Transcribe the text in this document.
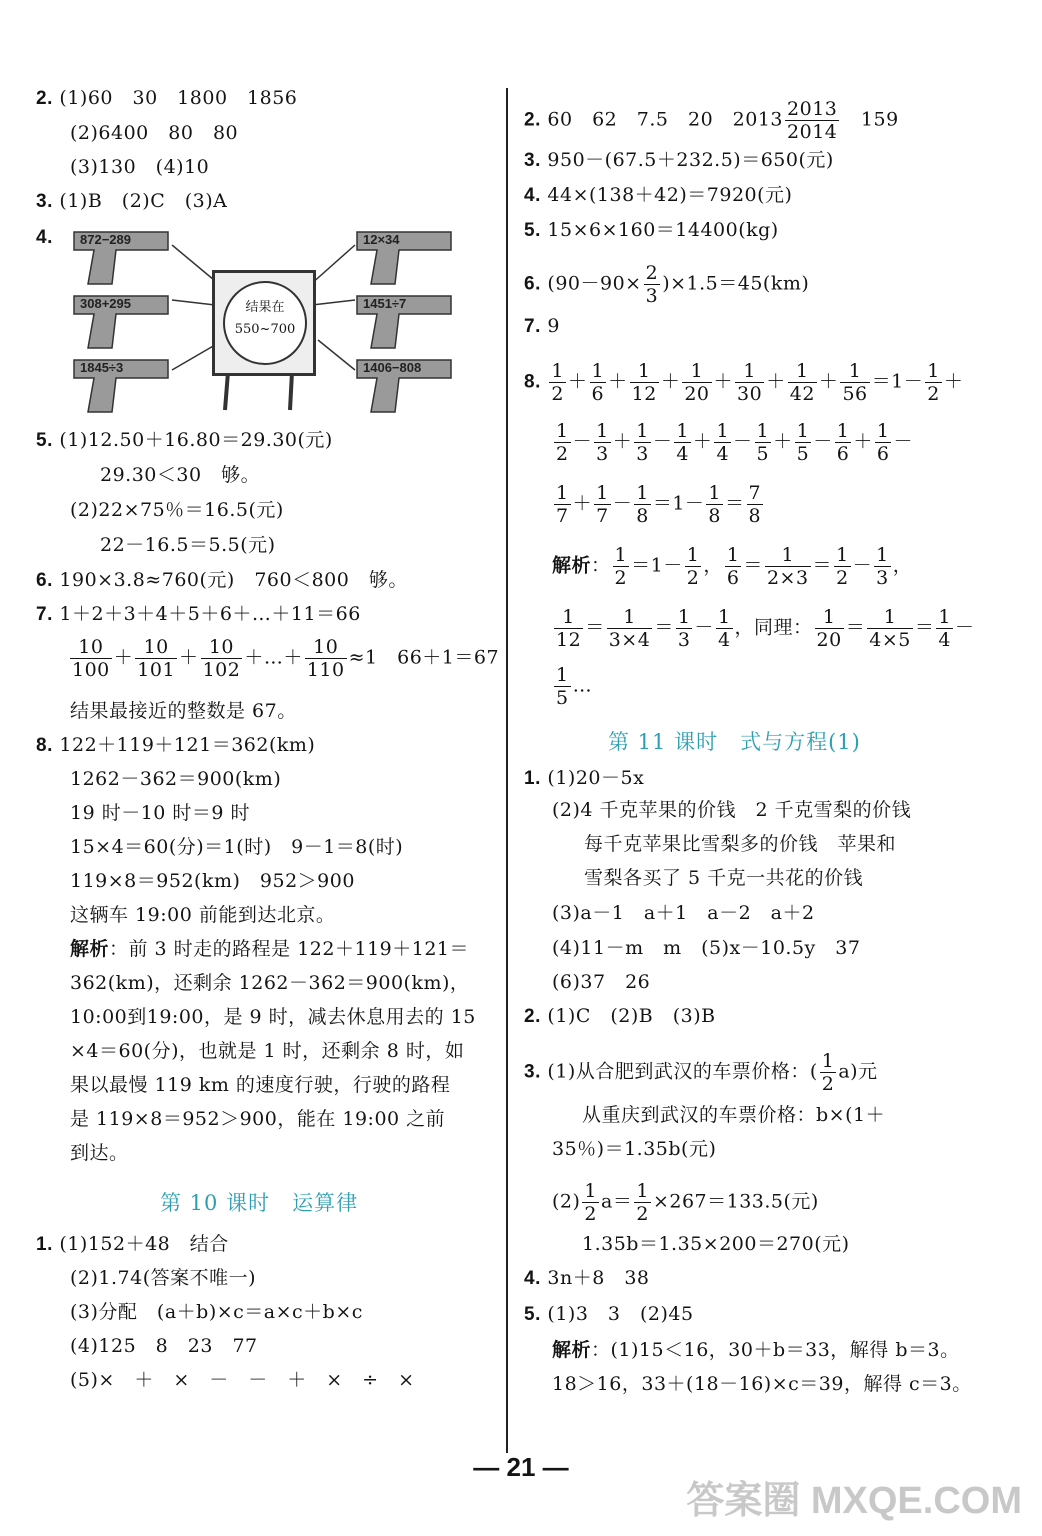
2. (1)60　30　1800　1856
(2)6400　80　80
(3)130　(4)10
3. (1)B　(2)C　(3)A
4. 872−289
308+295
1845÷3
12×34
1451÷7
1406−808
结果在
550~700
5. (1)12.50＋16.80＝29.30(元)
29.30＜30　够。
(2)22×75％＝16.5(元)
22－16.5＝5.5(元)
6. 190×3.8≈760(元)　760＜800　够。
7. 1＋2＋3＋4＋5＋6＋…＋11＝66
$\frac{10}{100} + \frac{10}{101} + \frac{10}{102}$ ＋…＋ $\frac{10}{110} \approx 1$　66＋1＝67
结果最接近的整数是 67。
8. 122＋119＋121＝362(km)
1262－362＝900(km)
19 时－10 时＝9 时
15×4＝60(分)＝1(时)　9－1＝8(时)
119×8＝952(km)　952＞900
这辆车 19:00 前能到达北京。
解析：前 3 时走的路程是 122＋119＋121＝
362(km)，还剩余 1262－362＝900(km)，
10:00到19:00，是 9 时，减去休息用去的 15
×4＝60(分)，也就是 1 时，还剩余 8 时，如
果以最慢 119 km 的速度行驶，行驶的路程
是 119×8＝952＞900，能在 19:00 之前
到达。
第 10 课时　运算律
1. (1)152＋48　结合
(2)1.74(答案不唯一)
(3)分配　(a＋b)×c＝a×c＋b×c
(4)125　8　23　77
(5)×　＋　×　－　－　＋　×　÷　×
2. 60　62　7.5　20　$2013 \frac{2013}{2014}$
　 159
3. 950－(67.5＋232.5)＝650(元)
4. 44×(138＋42)＝7920(元)
5. 15×6×160＝14400(kg)
6. $(90-90\times \frac{2}{3} )\times 1.5=45(km)$
7. 9
8. $\frac{1}{2} + \frac{1}{6} + \frac{1}{12} + \frac{1}{20} + \frac{1}{30} + \frac{1}{42} + \frac{1}{56} =1- \frac{1}{2}$ ＋
$\frac{1}{2} - \frac{1}{3} + \frac{1}{3} - \frac{1}{4} + \frac{1}{4} - \frac{1}{5} + \frac{1}{5} - \frac{1}{6} + \frac{1}{6}$ －
$\frac{1}{7} + \frac{1}{7} - \frac{1}{8} =1- \frac{1}{8} = \frac{7}{8}$
解析： $\frac{1}{2} =1- \frac{1}{2}$ ， $\frac{1}{6} = \frac{1}{2\times 3} = \frac{1}{2} - \frac{1}{3}$ ，
$\frac{1}{12} = \frac{1}{3\times 4} = \frac{1}{3} - \frac{1}{4}$ ，同理： $\frac{1}{20} = \frac{1}{4\times 5} = \frac{1}{4}$ －
$\frac{1}{5}$ …
第 11 课时　式与方程(1)
1. (1)20－5x
(2)4 千克苹果的价钱　2 千克雪梨的价钱
每千克苹果比雪梨多的价钱　苹果和
雪梨各买了 5 千克一共花的价钱
(3)a－1　a＋1　a－2　a＋2
(4)11－m　m　(5)x－10.5y　37
(6)37　26
2. (1)C　(2)B　(3)B
3. (1)从合肥到武汉的车票价格：( $\frac{1}{2} a$)元
从重庆到武汉的车票价格：b×(1＋
35％)＝1.35b(元)
$(2) \frac{1}{2} a= \frac{1}{2} \times 267=133.5$(元)
1.35b＝1.35×200＝270(元)
4. 3n＋8　38
5. (1)3　3　(2)45
解析：(1)15＜16，30＋b＝33，解得 b＝3。
18＞16，33＋(18－16)×c＝39，解得 c＝3。
— 21 —
答案圈 MXQE.COM
